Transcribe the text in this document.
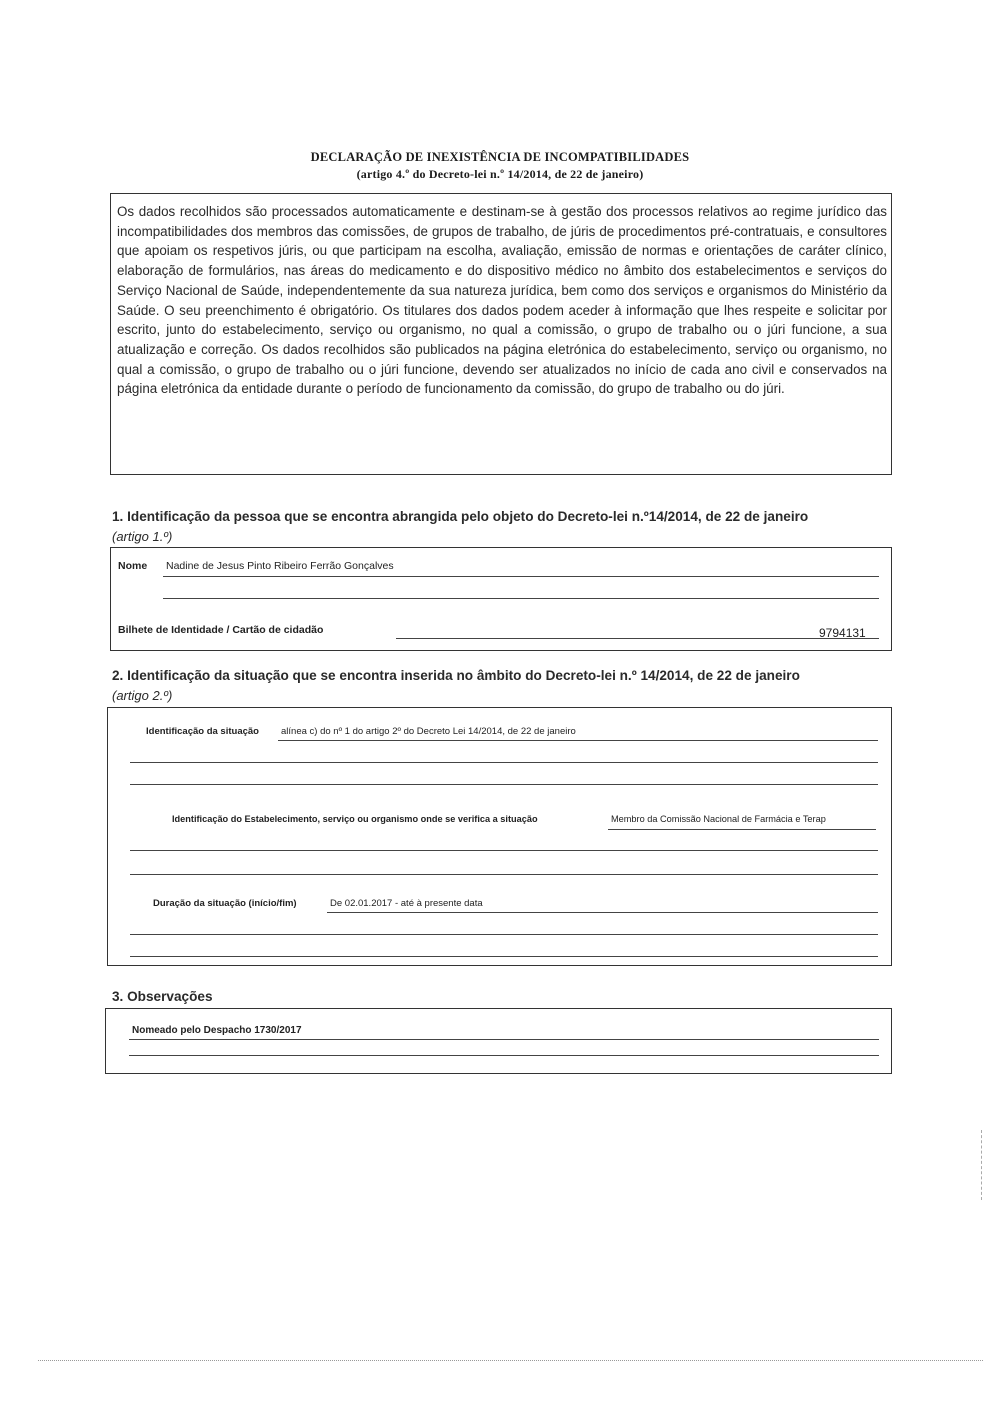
DECLARAÇÃO DE INEXISTÊNCIA DE INCOMPATIBILIDADES
(artigo 4.º do Decreto-lei n.º 14/2014, de 22 de janeiro)
Os dados recolhidos são processados automaticamente e destinam-se à gestão dos processos relativos ao regime jurídico das incompatibilidades dos membros das comissões, de grupos de trabalho, de júris de procedimentos pré-contratuais, e consultores que apoiam os respetivos júris, ou que participam na escolha, avaliação, emissão de normas e orientações de caráter clínico, elaboração de formulários, nas áreas do medicamento e do dispositivo médico no âmbito dos estabelecimentos e serviços do Serviço Nacional de Saúde, independentemente da sua natureza jurídica, bem como dos serviços e organismos do Ministério da Saúde. O seu preenchimento é obrigatório. Os titulares dos dados podem aceder à informação que lhes respeite e solicitar por escrito, junto do estabelecimento, serviço ou organismo, no qual a comissão, o grupo de trabalho ou o júri funcione, a sua atualização e correção. Os dados recolhidos são publicados na página eletrónica do estabelecimento, serviço ou organismo, no qual a comissão, o grupo de trabalho ou o júri funcione, devendo ser atualizados no início de cada ano civil e conservados na página eletrónica da entidade durante o período de funcionamento da comissão, do grupo de trabalho ou do júri.
1. Identificação da pessoa que se encontra abrangida pelo objeto do Decreto-lei n.º14/2014, de 22 de janeiro
(artigo 1.º)
Nome Nadine de Jesus Pinto Ribeiro Ferrão Gonçalves
Bilhete de Identidade / Cartão de cidadão	9794131
2. Identificação da situação que se encontra inserida no âmbito do Decreto-lei n.º 14/2014, de 22 de janeiro
(artigo 2.º)
Identificação da situação alínea c) do nº 1 do artigo 2º do Decreto Lei 14/2014, de 22 de janeiro
Identificação do Estabelecimento, serviço ou organismo onde se verifica a situação	Membro da Comissão Nacional de Farmácia e Terap
Duração da situação (início/fim)	De 02.01.2017 - até à presente data
3. Observações
Nomeado pelo Despacho 1730/2017
